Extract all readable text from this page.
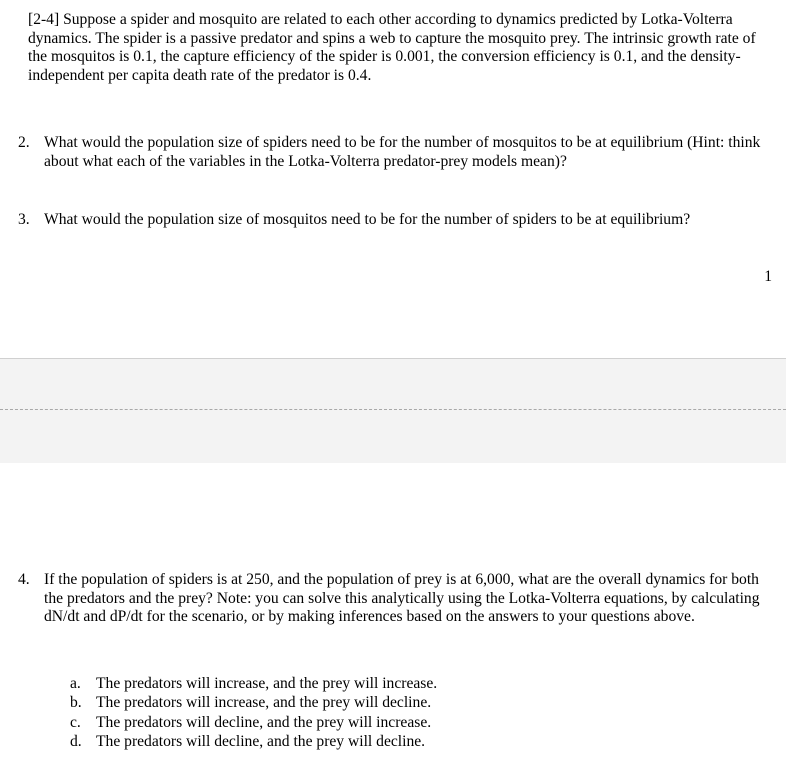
[2-4] Suppose a spider and mosquito are related to each other according to dynamics predicted by Lotka-Volterra dynamics. The spider is a passive predator and spins a web to capture the mosquito prey. The intrinsic growth rate of the mosquitos is 0.1, the capture efficiency of the spider is 0.001, the conversion efficiency is 0.1, and the density-independent per capita death rate of the predator is 0.4.
2. What would the population size of spiders need to be for the number of mosquitos to be at equilibrium (Hint: think about what each of the variables in the Lotka-Volterra predator-prey models mean)?
3. What would the population size of mosquitos need to be for the number of spiders to be at equilibrium?
1
4. If the population of spiders is at 250, and the population of prey is at 6,000, what are the overall dynamics for both the predators and the prey? Note: you can solve this analytically using the Lotka-Volterra equations, by calculating dN/dt and dP/dt for the scenario, or by making inferences based on the answers to your questions above.
a. The predators will increase, and the prey will increase.
b. The predators will increase, and the prey will decline.
c. The predators will decline, and the prey will increase.
d. The predators will decline, and the prey will decline.
